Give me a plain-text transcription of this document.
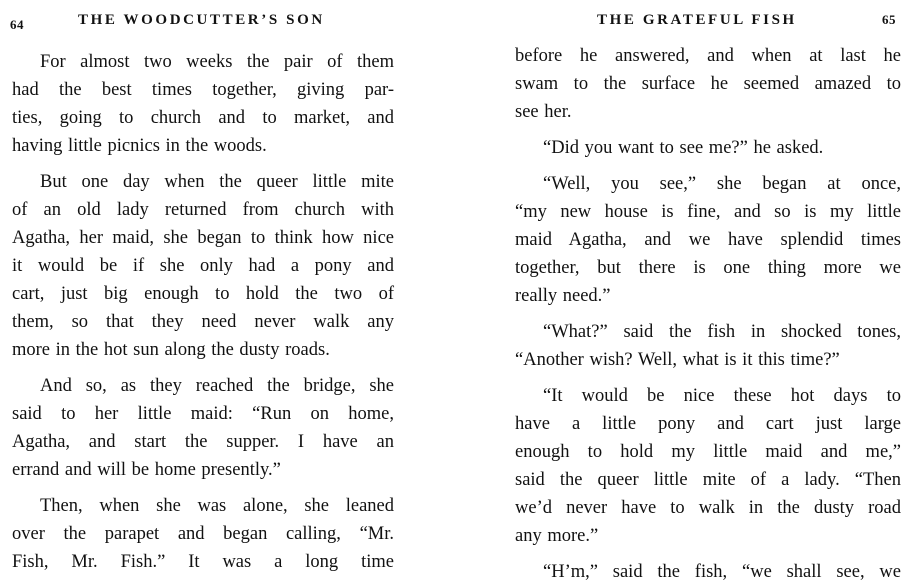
64	THE WOODCUTTER’S SON
For almost two weeks the pair of them
had the best times together, giving par-
ties, going to church and to market, and
having little picnics in the woods.
But one day when the queer little mite
of an old lady returned from church with
Agatha, her maid, she began to think how nice
it would be if she only had a pony and
cart, just big enough to hold the two of
them, so that they need never walk any
more in the hot sun along the dusty roads.
And so, as they reached the bridge, she
said to her little maid: “Run on home,
Agatha, and start the supper. I have an
errand and will be home presently.”
Then, when she was alone, she leaned
over the parapet and began calling, “Mr.
Fish, Mr. Fish.” It was a long time
THE GRATEFUL FISH	65
before he answered, and when at last he
swam to the surface he seemed amazed to
see her.
“Did you want to see me?” he asked.
“Well, you see,” she began at once,
“my new house is fine, and so is my little
maid Agatha, and we have splendid times
together, but there is one thing more we
really need.”
“What?” said the fish in shocked tones,
“Another wish? Well, what is it this time?”
“It would be nice these hot days to
have a little pony and cart just large
enough to hold my little maid and me,”
said the queer little mite of a lady. “Then
we’d never have to walk in the dusty road
any more.”
“H’m,” said the fish, “we shall see, we
